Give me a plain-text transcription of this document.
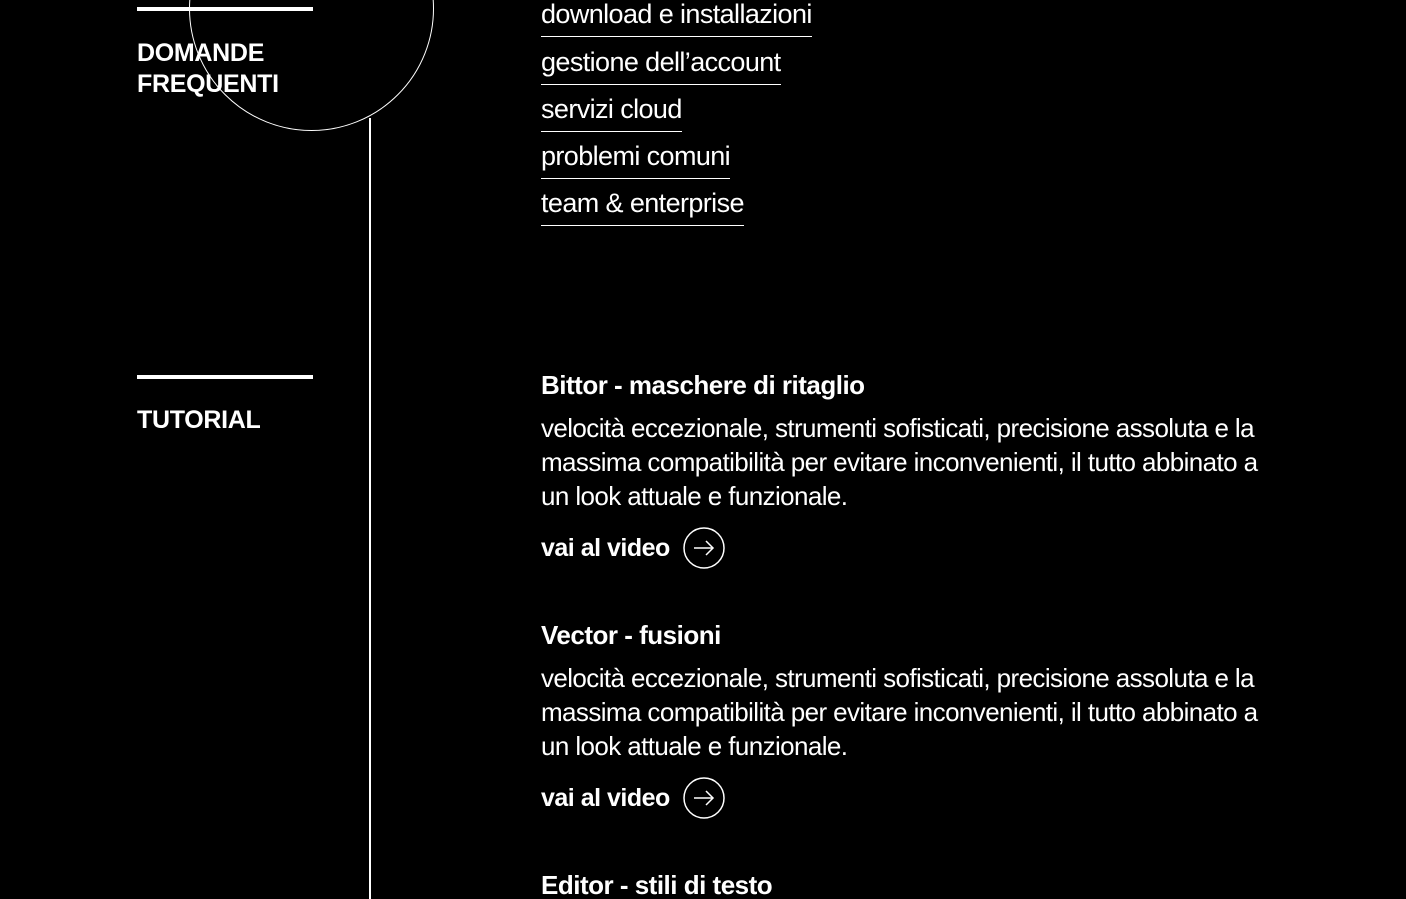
DOMANDE FREQUENTI
download e installazioni
gestione dell’account
servizi cloud
problemi comuni
team & enterprise
TUTORIAL
Bittor - maschere di ritaglio

velocità eccezionale, strumenti sofisticati, precisione assoluta e la massima compatibilità per evitare inconvenienti, il tutto abbinato a un look attuale e funzionale.

vai al video
Vector - fusioni

velocità eccezionale, strumenti sofisticati, precisione assoluta e la massima compatibilità per evitare inconvenienti, il tutto abbinato a un look attuale e funzionale.

vai al video
Editor - stili di testo
